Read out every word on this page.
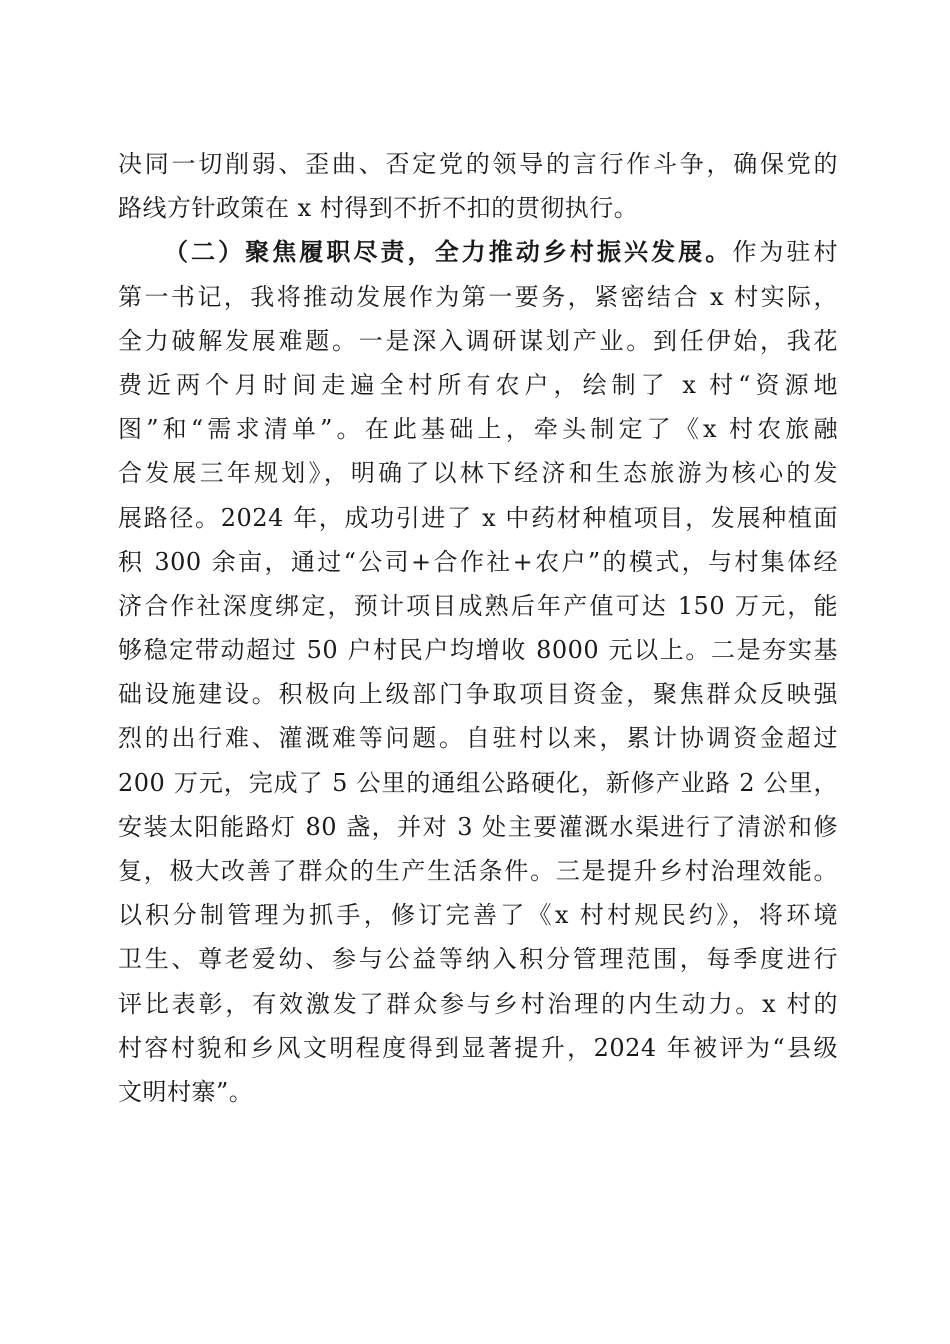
决同一切削弱、歪曲、否定党的领导的言行作斗争，确保党的
路线方针政策在 x 村得到不折不扣的贯彻执行。
（二）聚焦履职尽责，全力推动乡村振兴发展。作为驻村
第一书记，我将推动发展作为第一要务，紧密结合 x 村实际，
全力破解发展难题。一是深入调研谋划产业。到任伊始，我花
费近两个月时间走遍全村所有农户，绘制了 x 村“资源地
图”和“需求清单”。在此基础上，牵头制定了《x 村农旅融
合发展三年规划》，明确了以林下经济和生态旅游为核心的发
展路径。2024 年，成功引进了 x 中药材种植项目，发展种植面
积 300 余亩，通过“公司+合作社+农户”的模式，与村集体经
济合作社深度绑定，预计项目成熟后年产值可达 150 万元，能
够稳定带动超过 50 户村民户均增收 8000 元以上。二是夯实基
础设施建设。积极向上级部门争取项目资金，聚焦群众反映强
烈的出行难、灌溉难等问题。自驻村以来，累计协调资金超过
200 万元，完成了 5 公里的通组公路硬化，新修产业路 2 公里，
安装太阳能路灯 80 盏，并对 3 处主要灌溉水渠进行了清淤和修
复，极大改善了群众的生产生活条件。三是提升乡村治理效能。
以积分制管理为抓手，修订完善了《x 村村规民约》，将环境
卫生、尊老爱幼、参与公益等纳入积分管理范围，每季度进行
评比表彰，有效激发了群众参与乡村治理的内生动力。x 村的
村容村貌和乡风文明程度得到显著提升，2024 年被评为“县级
文明村寨”。
